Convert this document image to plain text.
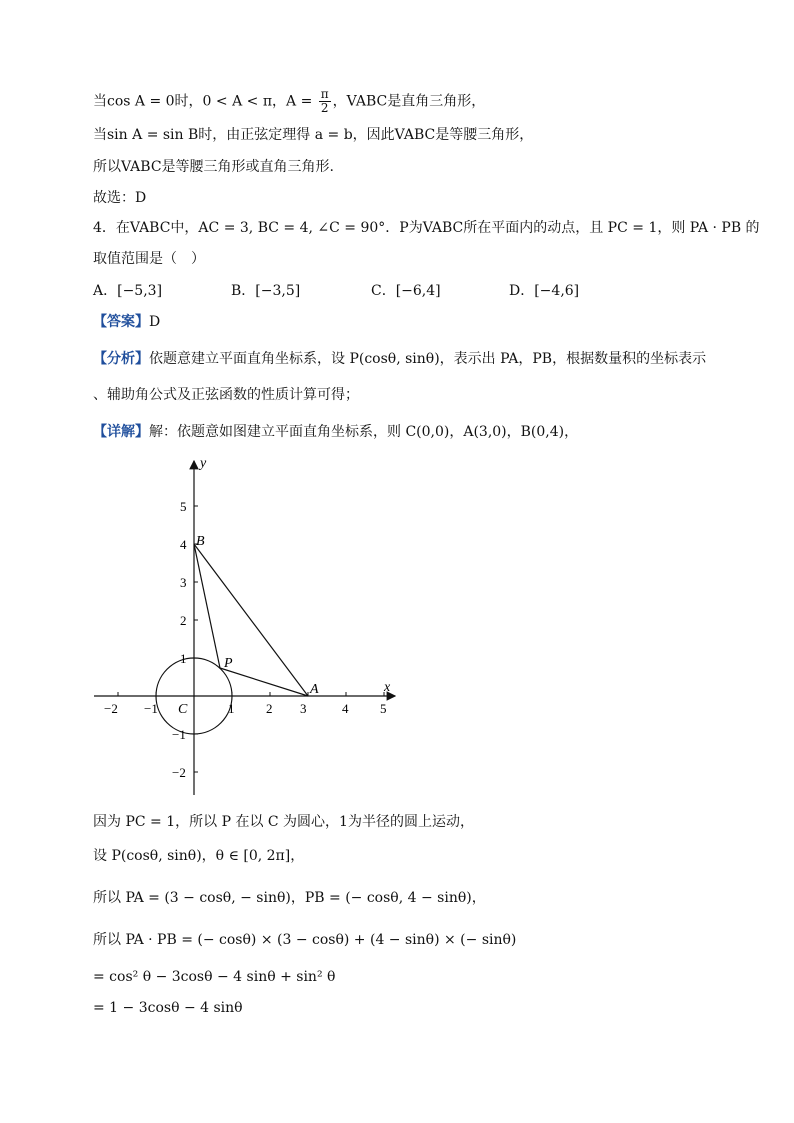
当cos A = 0时，0 < A < π，$A = \frac{\pi}{2}$ ，VABC是直角三角形，
当sin A = sin B时，由正弦定理得 a = b，因此VABC是等腰三角形，
所以VABC是等腰三角形或直角三角形.
故选：D
4．在VABC中，AC = 3, BC = 4, ∠C = 90°．P为VABC所在平面内的动点，且 PC = 1，则 PA · PB 的
取值范围是（　）
A．[−5,3]	B．[−3,5]	C．[−6,4]	D．[−4,6]
【答案】D
【分析】依题意建立平面直角坐标系，设 P(cosθ, sinθ)，表示出 PA，PB，根据数量积的坐标表示
、辅助角公式及正弦函数的性质计算可得；
【详解】解：依题意如图建立平面直角坐标系，则 C(0,0)，A(3,0)，B(0,4)，
y
x
−2 −1	1 2 3	4 5
5
4
3
2
1
−1
−2
B
A
P
C
因为 PC = 1，所以 P 在以 C 为圆心，1为半径的圆上运动，
设 P(cosθ, sinθ)，θ ∈ [0, 2π]，
所以 PA = (3 − cosθ, − sinθ)，PB = (− cosθ, 4 − sinθ)，
所以 PA · PB = (− cosθ) × (3 − cosθ) + (4 − sinθ) × (− sinθ)
= cos² θ − 3cosθ − 4 sinθ + sin² θ
= 1 − 3cosθ − 4 sinθ
